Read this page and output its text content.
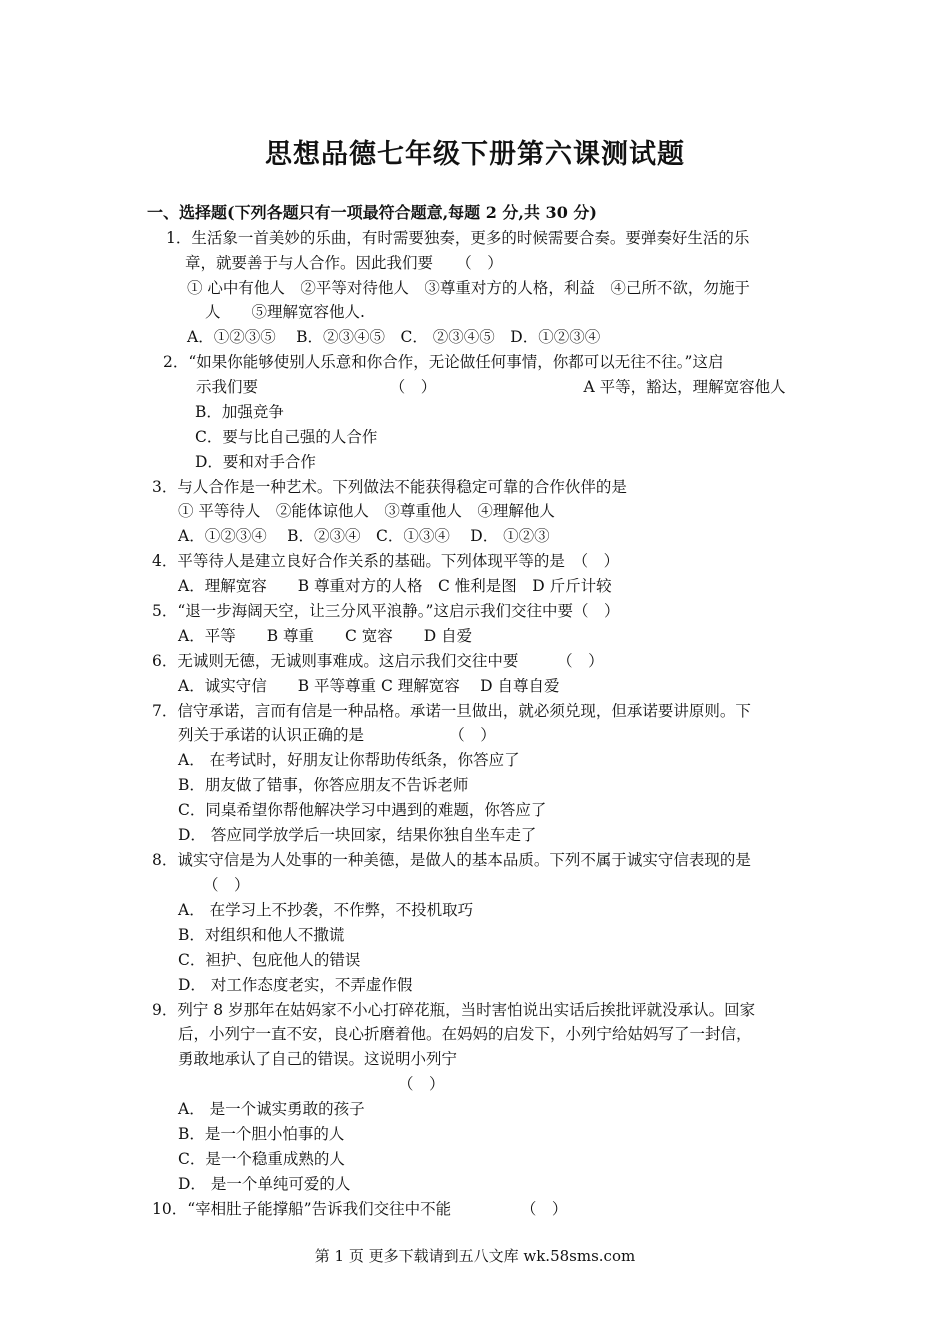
思想品德七年级下册第六课测试题
一、选择题(下列各题只有一项最符合题意,每题 2 分,共 30 分)
1．生活象一首美妙的乐曲，有时需要独奏，更多的时候需要合奏。要弹奏好生活的乐
章，就要善于与人合作。因此我们要　　（　）
① 心中有他人　②平等对待他人　③尊重对方的人格，利益　④己所不欲，勿施于
人　　⑤理解宽容他人.
A．①②③⑤　 B．②③④⑤　C． ②③④⑤　D．①②③④
2．“如果你能够使别人乐意和你合作，无论做任何事情，你都可以无往不往。”这启
示我们要　　　　　　　　　（　）　　　　　　　　　　A 平等，豁达，理解宽容他人
B．加强竞争
C．要与比自己强的人合作
D．要和对手合作
3．与人合作是一种艺术。下列做法不能获得稳定可靠的合作伙伴的是
① 平等待人　②能体谅他人　③尊重他人　④理解他人
A．①②③④　 B．②③④　C．①③④　 D． ①②③
4．平等待人是建立良好合作关系的基础。下列体现平等的是　（　）
A．理解宽容　　B 尊重对方的人格　C 惟利是图　D 斤斤计较
5．“退一步海阔天空，让三分风平浪静。”这启示我们交往中要（　）
A．平等　　B 尊重　　C 宽容　　D 自爱
6．无诚则无德，无诚则事难成。这启示我们交往中要　　　（　）
A．诚实守信　　B 平等尊重 C 理解宽容　 D 自尊自爱
7．信守承诺，言而有信是一种品格。承诺一旦做出，就必须兑现，但承诺要讲原则。下
列关于承诺的认识正确的是　　　　　　（　）
A． 在考试时，好朋友让你帮助传纸条，你答应了
B．朋友做了错事，你答应朋友不告诉老师
C．同桌希望你帮他解决学习中遇到的难题，你答应了
D． 答应同学放学后一块回家，结果你独自坐车走了
8．诚实守信是为人处事的一种美德，是做人的基本品质。下列不属于诚实守信表现的是
（　）
A． 在学习上不抄袭，不作弊，不投机取巧
B．对组织和他人不撒谎
C．袒护、包庇他人的错误
D． 对工作态度老实，不弄虚作假
9．列宁 8 岁那年在姑妈家不小心打碎花瓶，当时害怕说出实话后挨批评就没承认。回家
后，小列宁一直不安，良心折磨着他。在妈妈的启发下，小列宁给姑妈写了一封信，
勇敢地承认了自己的错误。这说明小列宁
（　）
A． 是一个诚实勇敢的孩子
B．是一个胆小怕事的人
C．是一个稳重成熟的人
D． 是一个单纯可爱的人
10．“宰相肚子能撑船”告诉我们交往中不能　　　　　（　）
第 1 页 更多下载请到五八文库 wk.58sms.com
